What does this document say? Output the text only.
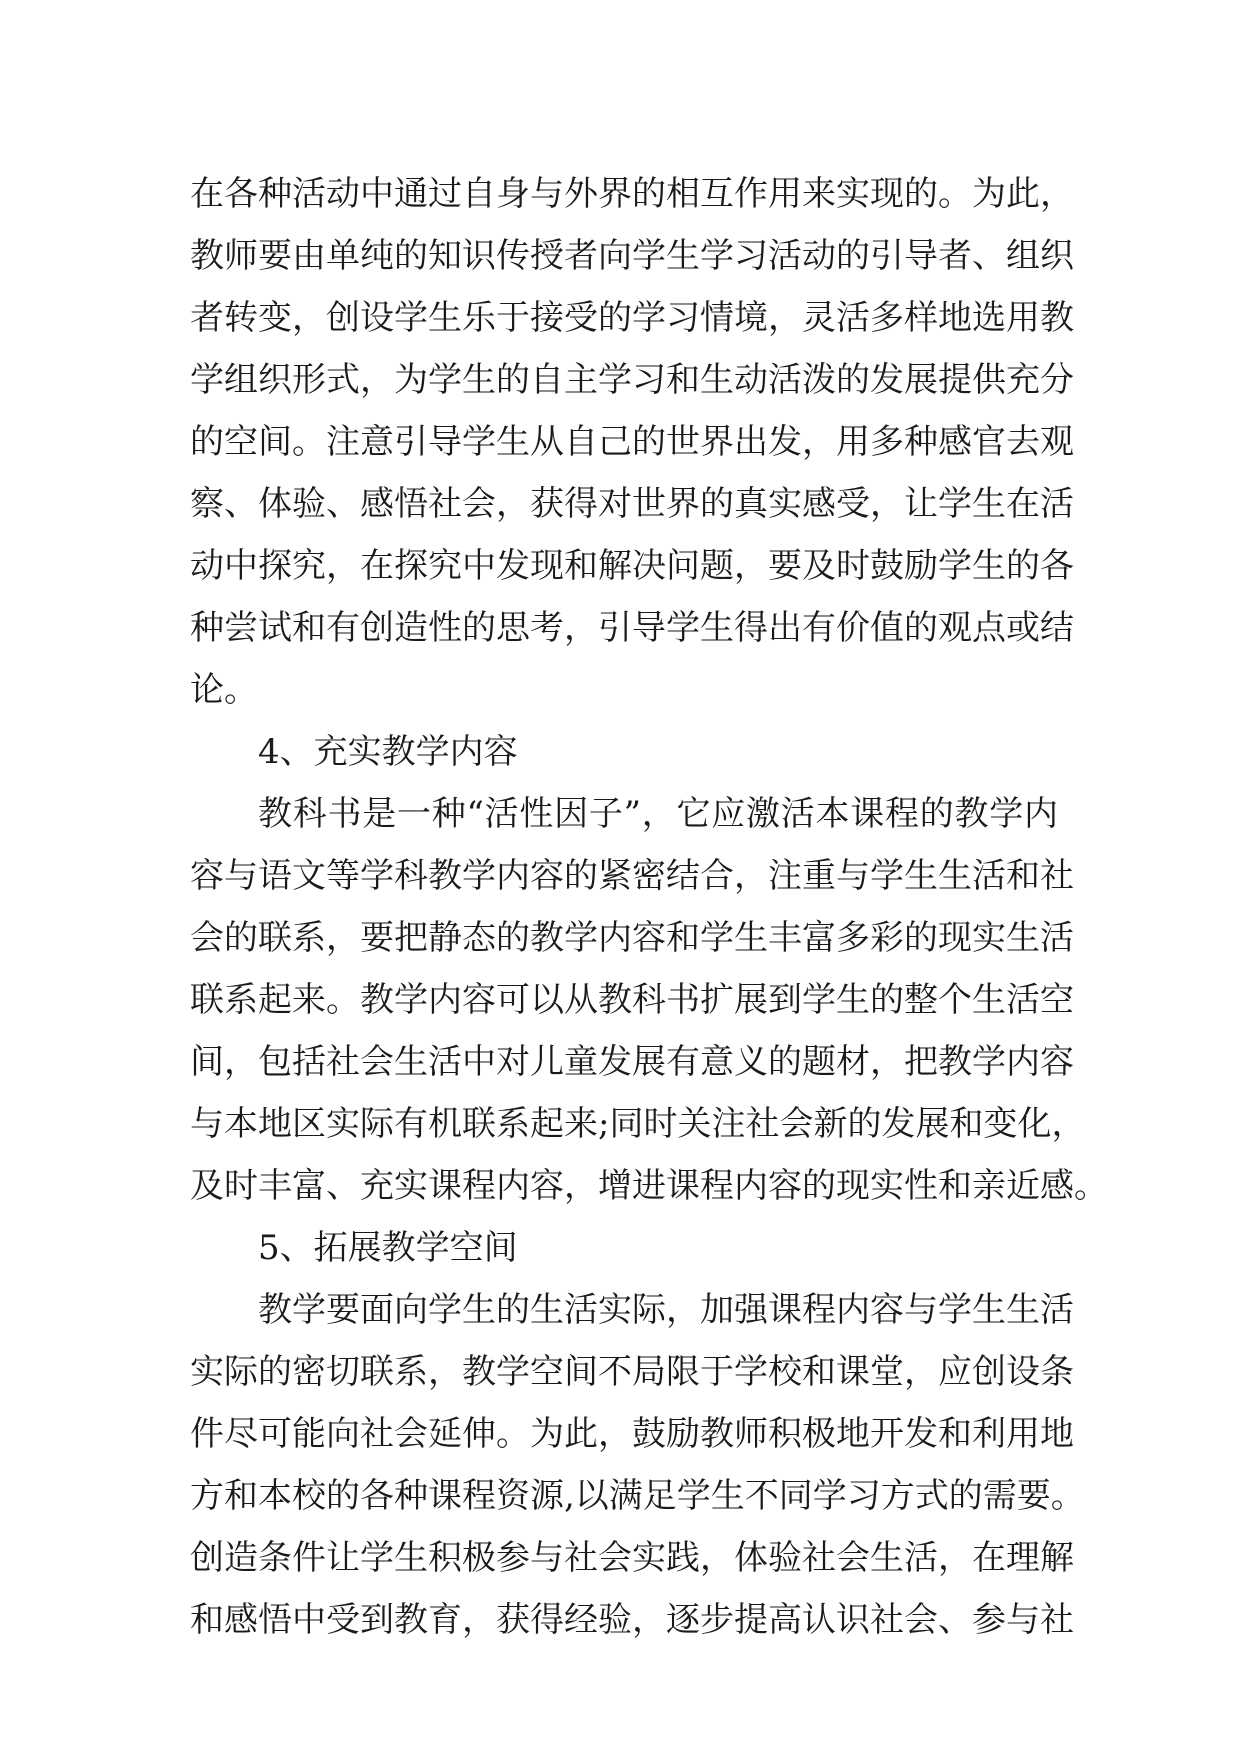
在各种活动中通过自身与外界的相互作用来实现的。为此，
教师要由单纯的知识传授者向学生学习活动的引导者、组织
者转变，创设学生乐于接受的学习情境，灵活多样地选用教
学组织形式，为学生的自主学习和生动活泼的发展提供充分
的空间。注意引导学生从自己的世界出发，用多种感官去观
察、体验、感悟社会，获得对世界的真实感受，让学生在活
动中探究，在探究中发现和解决问题，要及时鼓励学生的各
种尝试和有创造性的思考，引导学生得出有价值的观点或结
论。
4、充实教学内容
教科书是一种“活性因子”，它应激活本课程的教学内
容与语文等学科教学内容的紧密结合，注重与学生生活和社
会的联系，要把静态的教学内容和学生丰富多彩的现实生活
联系起来。教学内容可以从教科书扩展到学生的整个生活空
间，包括社会生活中对儿童发展有意义的题材，把教学内容
与本地区实际有机联系起来;同时关注社会新的发展和变化，
及时丰富、充实课程内容，增进课程内容的现实性和亲近感。
5、拓展教学空间
教学要面向学生的生活实际，加强课程内容与学生生活
实际的密切联系，教学空间不局限于学校和课堂，应创设条
件尽可能向社会延伸。为此，鼓励教师积极地开发和利用地
方和本校的各种课程资源,以满足学生不同学习方式的需要。
创造条件让学生积极参与社会实践，体验社会生活，在理解
和感悟中受到教育，获得经验，逐步提高认识社会、参与社
